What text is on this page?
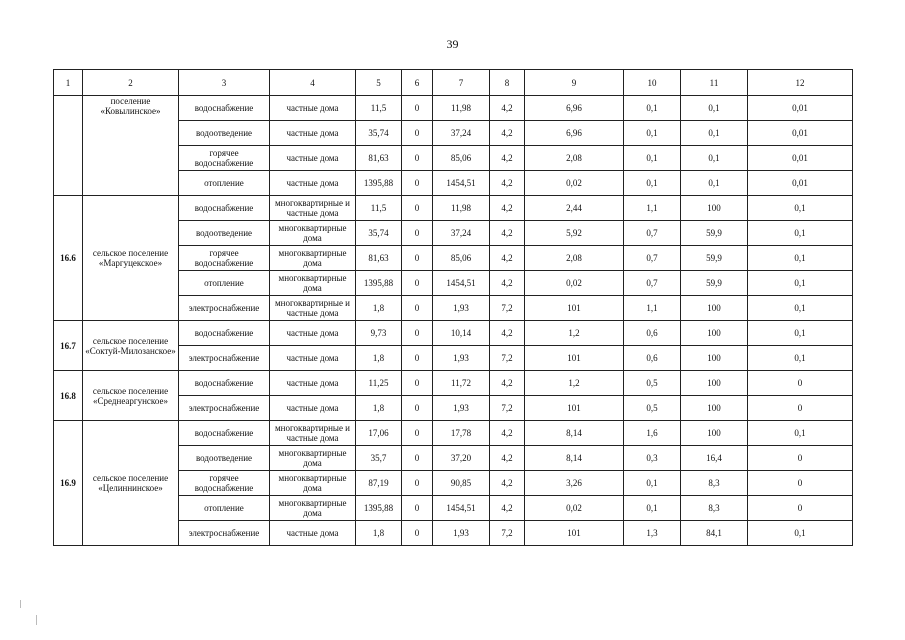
39
1	2	3	4	5	6	7	8	9	10	11	12
	поселение «Ковылинское»	водоснабжение	частные дома	11,5	0	11,98	4,2	6,96	0,1	0,1	0,01
		водоотведение	частные дома	35,74	0	37,24	4,2	6,96	0,1	0,1	0,01
		горячее водоснабжение	частные дома	81,63	0	85,06	4,2	2,08	0,1	0,1	0,01
		отопление	частные дома	1395,88	0	1454,51	4,2	0,02	0,1	0,1	0,01
16.6	сельское поселение «Маргуцекское»	водоснабжение	многоквартирные и частные дома	11,5	0	11,98	4,2	2,44	1,1	100	0,1
		водоотведение	многоквартирные дома	35,74	0	37,24	4,2	5,92	0,7	59,9	0,1
		горячее водоснабжение	многоквартирные дома	81,63	0	85,06	4,2	2,08	0,7	59,9	0,1
		отопление	многоквартирные дома	1395,88	0	1454,51	4,2	0,02	0,7	59,9	0,1
		электроснабжение	многоквартирные и частные дома	1,8	0	1,93	7,2	101	1,1	100	0,1
16.7	сельское поселение «Соктуй-Милозанское»	водоснабжение	частные дома	9,73	0	10,14	4,2	1,2	0,6	100	0,1
		электроснабжение	частные дома	1,8	0	1,93	7,2	101	0,6	100	0,1
16.8	сельское поселение «Среднеаргунское»	водоснабжение	частные дома	11,25	0	11,72	4,2	1,2	0,5	100	0
		электроснабжение	частные дома	1,8	0	1,93	7,2	101	0,5	100	0
16.9	сельское поселение «Целиннинское»	водоснабжение	многоквартирные и частные дома	17,06	0	17,78	4,2	8,14	1,6	100	0,1
		водоотведение	многоквартирные дома	35,7	0	37,20	4,2	8,14	0,3	16,4	0
		горячее водоснабжение	многоквартирные дома	87,19	0	90,85	4,2	3,26	0,1	8,3	0
		отопление	многоквартирные дома	1395,88	0	1454,51	4,2	0,02	0,1	8,3	0
		электроснабжение	частные дома	1,8	0	1,93	7,2	101	1,3	84,1	0,1
